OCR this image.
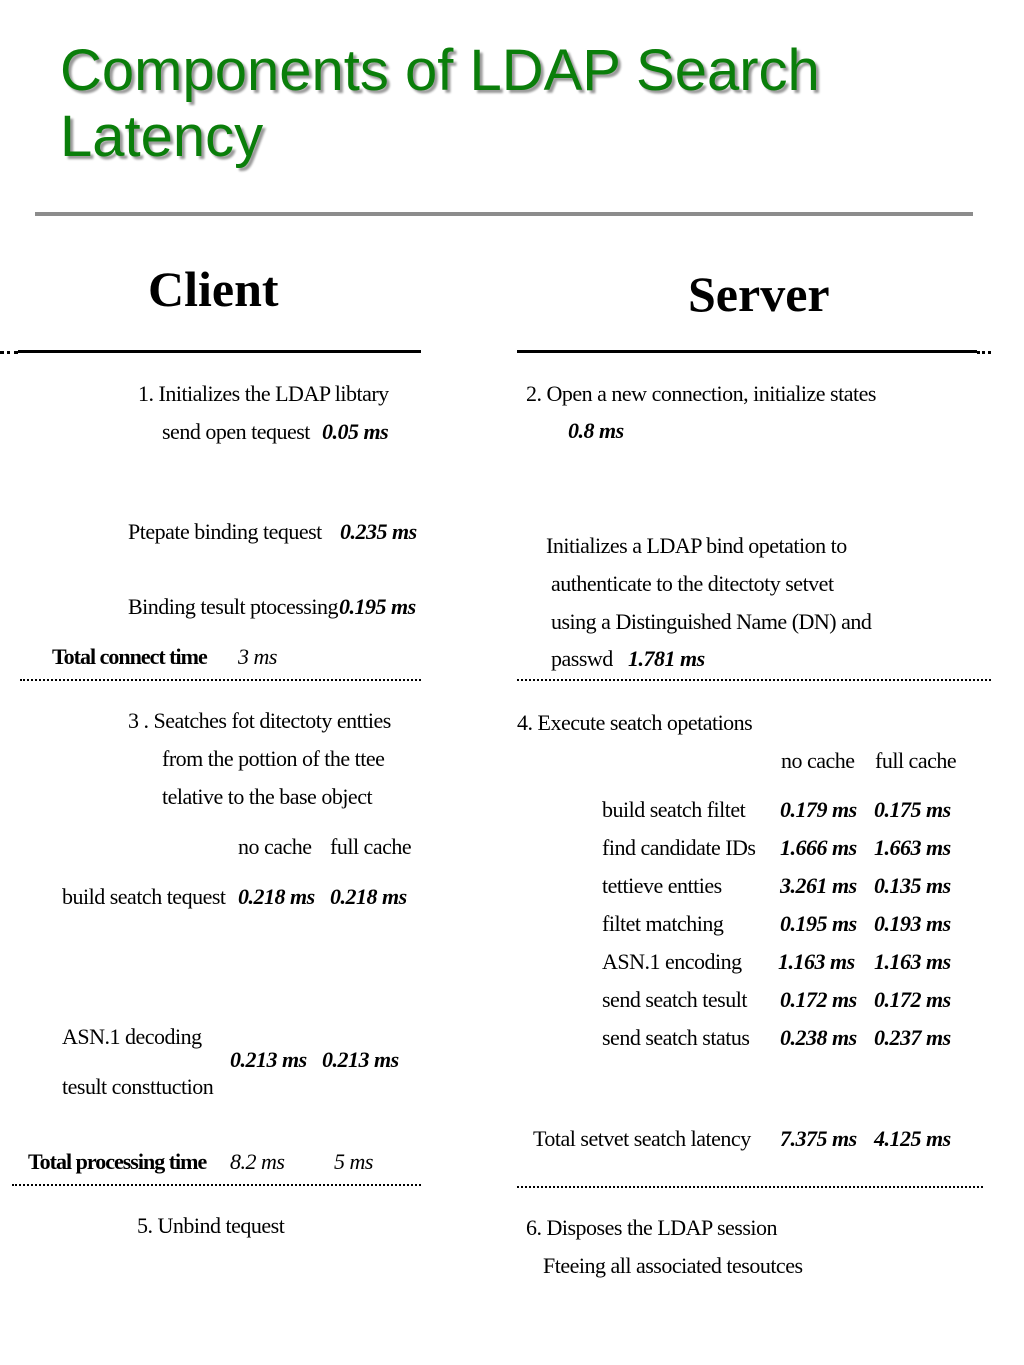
Components of LDAP Search Latency
Client	Server
1. Initializes the LDAP libtary
send open tequest 0.05 ms
Ptepate binding tequest 0.235 ms
Binding tesult ptocessing 0.195 ms
Total connect time 3 ms
3 . Seatches fot ditectoty entties
from the pottion of the ttee
telative to the base object
no cache full cache
build seatch tequest 0.218 ms 0.218 ms
ASN.1 decoding
tesult consttuction
0.213 ms 0.213 ms
Total processing time 8.2 ms 5 ms
5. Unbind tequest
2. Open a new connection, initialize states
0.8 ms
Initializes a LDAP bind opetation to
authenticate to the ditectoty setvet
using a Distinguished Name (DN) and
passwd 1.781 ms
4. Execute seatch opetations
no cache full cache
build seatch filtet 0.179 ms 0.175 ms
find candidate IDs 1.666 ms 1.663 ms
tettieve entties	3.261 ms 0.135 ms
filtet matching	0.195 ms 0.193 ms
ASN.1 encoding 1.163 ms 1.163 ms
send seatch tesult 0.172 ms 0.172 ms
send seatch status 0.238 ms 0.237 ms
Total setvet seatch latency 7.375 ms 4.125 ms
6. Disposes the LDAP session
Fteeing all associated tesoutces
